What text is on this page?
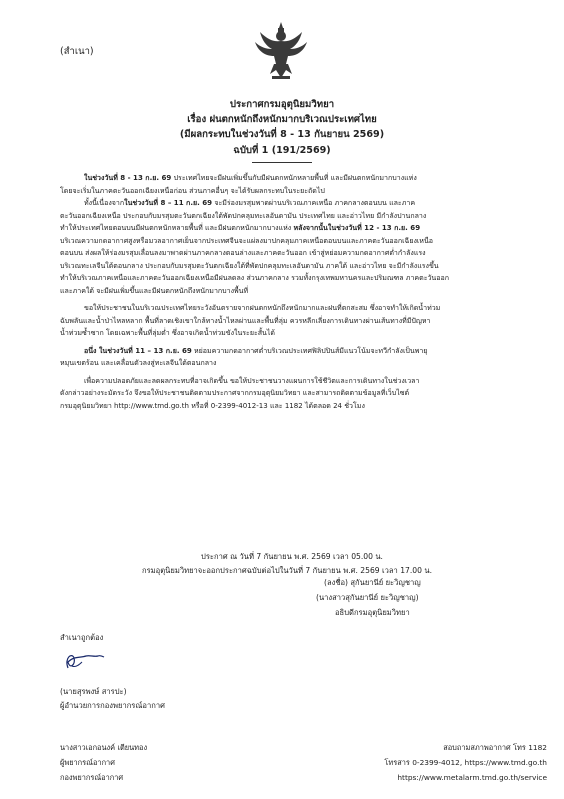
(สำเนา)
ประกาศกรมอุตุนิยมวิทยา
เรื่อง ฝนตกหนักถึงหนักมากบริเวณประเทศไทย
(มีผลกระทบในช่วงวันที่ 8 - 13 กันยายน 2569)
ฉบับที่ 1 (191/2569)
ในช่วงวันที่ 8 - 13 ก.ย. 69 ประเทศไทยจะมีฝนเพิ่มขึ้นกับมีฝนตกหนักหลายพื้นที่ และมีฝนตกหนักมากบางแห่ง
โดยจะเริ่มในภาคตะวันออกเฉียงเหนือก่อน ส่วนภาคอื่นๆ จะได้รับผลกระทบในระยะถัดไป
ทั้งนี้เนื่องจากในช่วงวันที่ 8 – 11 ก.ย. 69 จะมีร่องมรสุมพาดผ่านบริเวณภาคเหนือ ภาคกลางตอนบน และภาค
ตะวันออกเฉียงเหนือ ประกอบกับมรสุมตะวันตกเฉียงใต้พัดปกคลุมทะเลอันดามัน ประเทศไทย และอ่าวไทย มีกำลังปานกลาง
ทำให้ประเทศไทยตอนบนมีฝนตกหนักหลายพื้นที่ และมีฝนตกหนักมากบางแห่ง หลังจากนั้นในช่วงวันที่ 12 - 13 ก.ย. 69
บริเวณความกดอากาศสูงหรือมวลอากาศเย็นจากประเทศจีนจะแผ่ลงมาปกคลุมภาคเหนือตอนบนและภาคตะวันออกเฉียงเหนือ
ตอนบน ส่งผลให้ร่องมรสุมเลื่อนลงมาพาดผ่านภาคกลางตอนล่างและภาคตะวันออก เข้าสู่หย่อมความกดอากาศต่ำกำลังแรง
บริเวณทะเลจีนใต้ตอนกลาง ประกอบกับมรสุมตะวันตกเฉียงใต้ที่พัดปกคลุมทะเลอันดามัน ภาคใต้ และอ่าวไทย จะมีกำลังแรงขึ้น
ทำให้บริเวณภาคเหนือและภาคตะวันออกเฉียงเหนือมีฝนลดลง ส่วนภาคกลาง รวมทั้งกรุงเทพมหานครและปริมณฑล ภาคตะวันออก
และภาคใต้ จะมีฝนเพิ่มขึ้นและมีฝนตกหนักถึงหนักมากบางพื้นที่
ขอให้ประชาชนในบริเวณประเทศไทยระวังอันตรายจากฝนตกหนักถึงหนักมากและฝนที่ตกสะสม ซึ่งอาจทำให้เกิดน้ำท่วม
ฉับพลันและน้ำป่าไหลหลาก พื้นที่ลาดเชิงเขาใกล้ทางน้ำไหลผ่านและพื้นที่ลุ่ม ควรหลีกเลี่ยงการเดินทางผ่านเส้นทางที่มีปัญหา
น้ำท่วมซ้ำซาก โดยเฉพาะพื้นที่ลุ่มต่ำ ซึ่งอาจเกิดน้ำท่วมขังในระยะสั้นได้
อนึ่ง ในช่วงวันที่ 11 – 13 ก.ย. 69 หย่อมความกดอากาศต่ำบริเวณประเทศฟิลิปปินส์มีแนวโน้มจะทวีกำลังเป็นพายุ
หมุนเขตร้อน และเคลื่อนตัวลงสู่ทะเลจีนใต้ตอนกลาง
เพื่อความปลอดภัยและลดผลกระทบที่อาจเกิดขึ้น ขอให้ประชาชนวางแผนการใช้ชีวิตและการเดินทางในช่วงเวลา
ดังกล่าวอย่างระมัดระวัง จึงขอให้ประชาชนติดตามประกาศจากกรมอุตุนิยมวิทยา และสามารถติดตามข้อมูลที่เว็บไซต์
กรมอุตุนิยมวิทยา http://www.tmd.go.th หรือที่ 0-2399-4012-13 และ 1182 ได้ตลอด 24 ชั่วโมง
ประกาศ ณ วันที่ 7 กันยายน พ.ศ. 2569 เวลา 05.00 น.
กรมอุตุนิยมวิทยาจะออกประกาศฉบับต่อไปในวันที่ 7 กันยายน พ.ศ. 2569 เวลา 17.00 น.
(ลงชื่อ) สุกันยานีย์ ยะวิญชาญ
(นางสาวสุกันยานีย์ ยะวิญชาญ)
อธิบดีกรมอุตุนิยมวิทยา
สำเนาถูกต้อง
(นายสุรพงษ์ สารปะ)
ผู้อำนวยการกองพยากรณ์อากาศ
นางสาวเอกอนงค์ เตียนทอง
ผู้พยากรณ์อากาศ
กองพยากรณ์อากาศ
สอบถามสภาพอากาศ โทร 1182
โทรสาร 0-2399-4012, https://www.tmd.go.th
https://www.metalarm.tmd.go.th/service
